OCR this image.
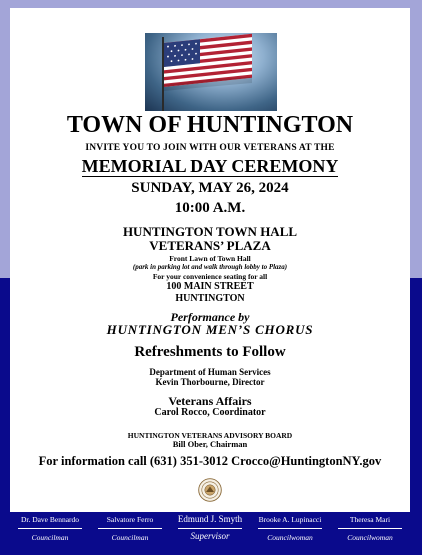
TOWN OF HUNTINGTON
INVITE YOU TO JOIN WITH OUR VETERANS AT THE
MEMORIAL DAY CEREMONY
SUNDAY, MAY 26, 2024
10:00 A.M.
HUNTINGTON TOWN HALL
VETERANS’ PLAZA
Front Lawn of Town Hall
(park in parking lot and walk through lobby to Plaza)
For your convenience seating for all
100 MAIN STREET
HUNTINGTON
Performance by
HUNTINGTON MEN’S CHORUS
Refreshments to Follow
Department of Human Services
Kevin Thorbourne, Director
Veterans Affairs
Carol Rocco, Coordinator
HUNTINGTON VETERANS ADVISORY BOARD
Bill Ober, Chairman
For information call (631) 351-3012 Crocco@HuntingtonNY.gov
Dr. Dave Bennardo
Councilman
Salvatore Ferro
Councilman
Edmund J. Smyth
Supervisor
Brooke A. Lupinacci
Councilwoman
Theresa Mari
Councilwoman
